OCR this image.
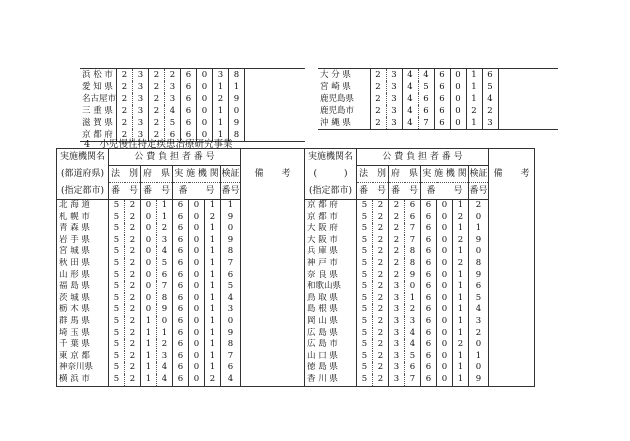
浜 松 市	2	3	2	2	6	0	3	8	
愛 知 県	2	3	2	3	6	0	1	1	
名古屋市	2	3	2	3	6	0	2	9	
三 重 県	2	3	2	4	6	0	1	0	
滋 賀 県	2	3	2	5	6	0	1	9	
京 都 府	2	3	2	6	6	0	1	8	
大 分 県	2	3	4	4	6	0	1	6	
宮 崎 県	2	3	4	5	6	0	1	5	
鹿児島県	2	3	4	6	6	0	1	4	
鹿児島市	2	3	4	6	6	0	2	2	
沖 縄 県	2	3	4	7	6	0	1	3	
4　小児慢性特定疾患治療研究事業
実施機関名	公 費 負 担 者 番 号								備　　考	実施機関名	公 費 負 担 者 番 号								備　　考
(都道府県)	法　別		府　県		実 施 機 関			検証		(　　　)	法　別		府　県		実 施 機 関			検証	
(指定都市)	番　号		番　号		番　　号			番号		(指定都市)	番　号		番　号		番　　号			番号	
北 海 道	5	2	0	1	6	0	1	1		京 都 府	5	2	2	6	6	0	1	2	
札 幌 市	5	2	0	1	6	0	2	9		京 都 市	5	2	2	6	6	0	2	0	
青 森 県	5	2	0	2	6	0	1	0		大 阪 府	5	2	2	7	6	0	1	1	
岩 手 県	5	2	0	3	6	0	1	9		大 阪 市	5	2	2	7	6	0	2	9	
宮 城 県	5	2	0	4	6	0	1	8		兵 庫 県	5	2	2	8	6	0	1	0	
秋 田 県	5	2	0	5	6	0	1	7		神 戸 市	5	2	2	8	6	0	2	8	
山 形 県	5	2	0	6	6	0	1	6		奈 良 県	5	2	2	9	6	0	1	9	
福 島 県	5	2	0	7	6	0	1	5		和歌山県	5	2	3	0	6	0	1	6	
茨 城 県	5	2	0	8	6	0	1	4		鳥 取 県	5	2	3	1	6	0	1	5	
栃 木 県	5	2	0	9	6	0	1	3		島 根 県	5	2	3	2	6	0	1	4	
群 馬 県	5	2	1	0	6	0	1	0		岡 山 県	5	2	3	3	6	0	1	3	
埼 玉 県	5	2	1	1	6	0	1	9		広 島 県	5	2	3	4	6	0	1	2	
千 葉 県	5	2	1	2	6	0	1	8		広 島 市	5	2	3	4	6	0	2	0	
東 京 都	5	2	1	3	6	0	1	7		山 口 県	5	2	3	5	6	0	1	1	
神奈川県	5	2	1	4	6	0	1	6		徳 島 県	5	2	3	6	6	0	1	0	
横 浜 市	5	2	1	4	6	0	2	4		香 川 県	5	2	3	7	6	0	1	9	
